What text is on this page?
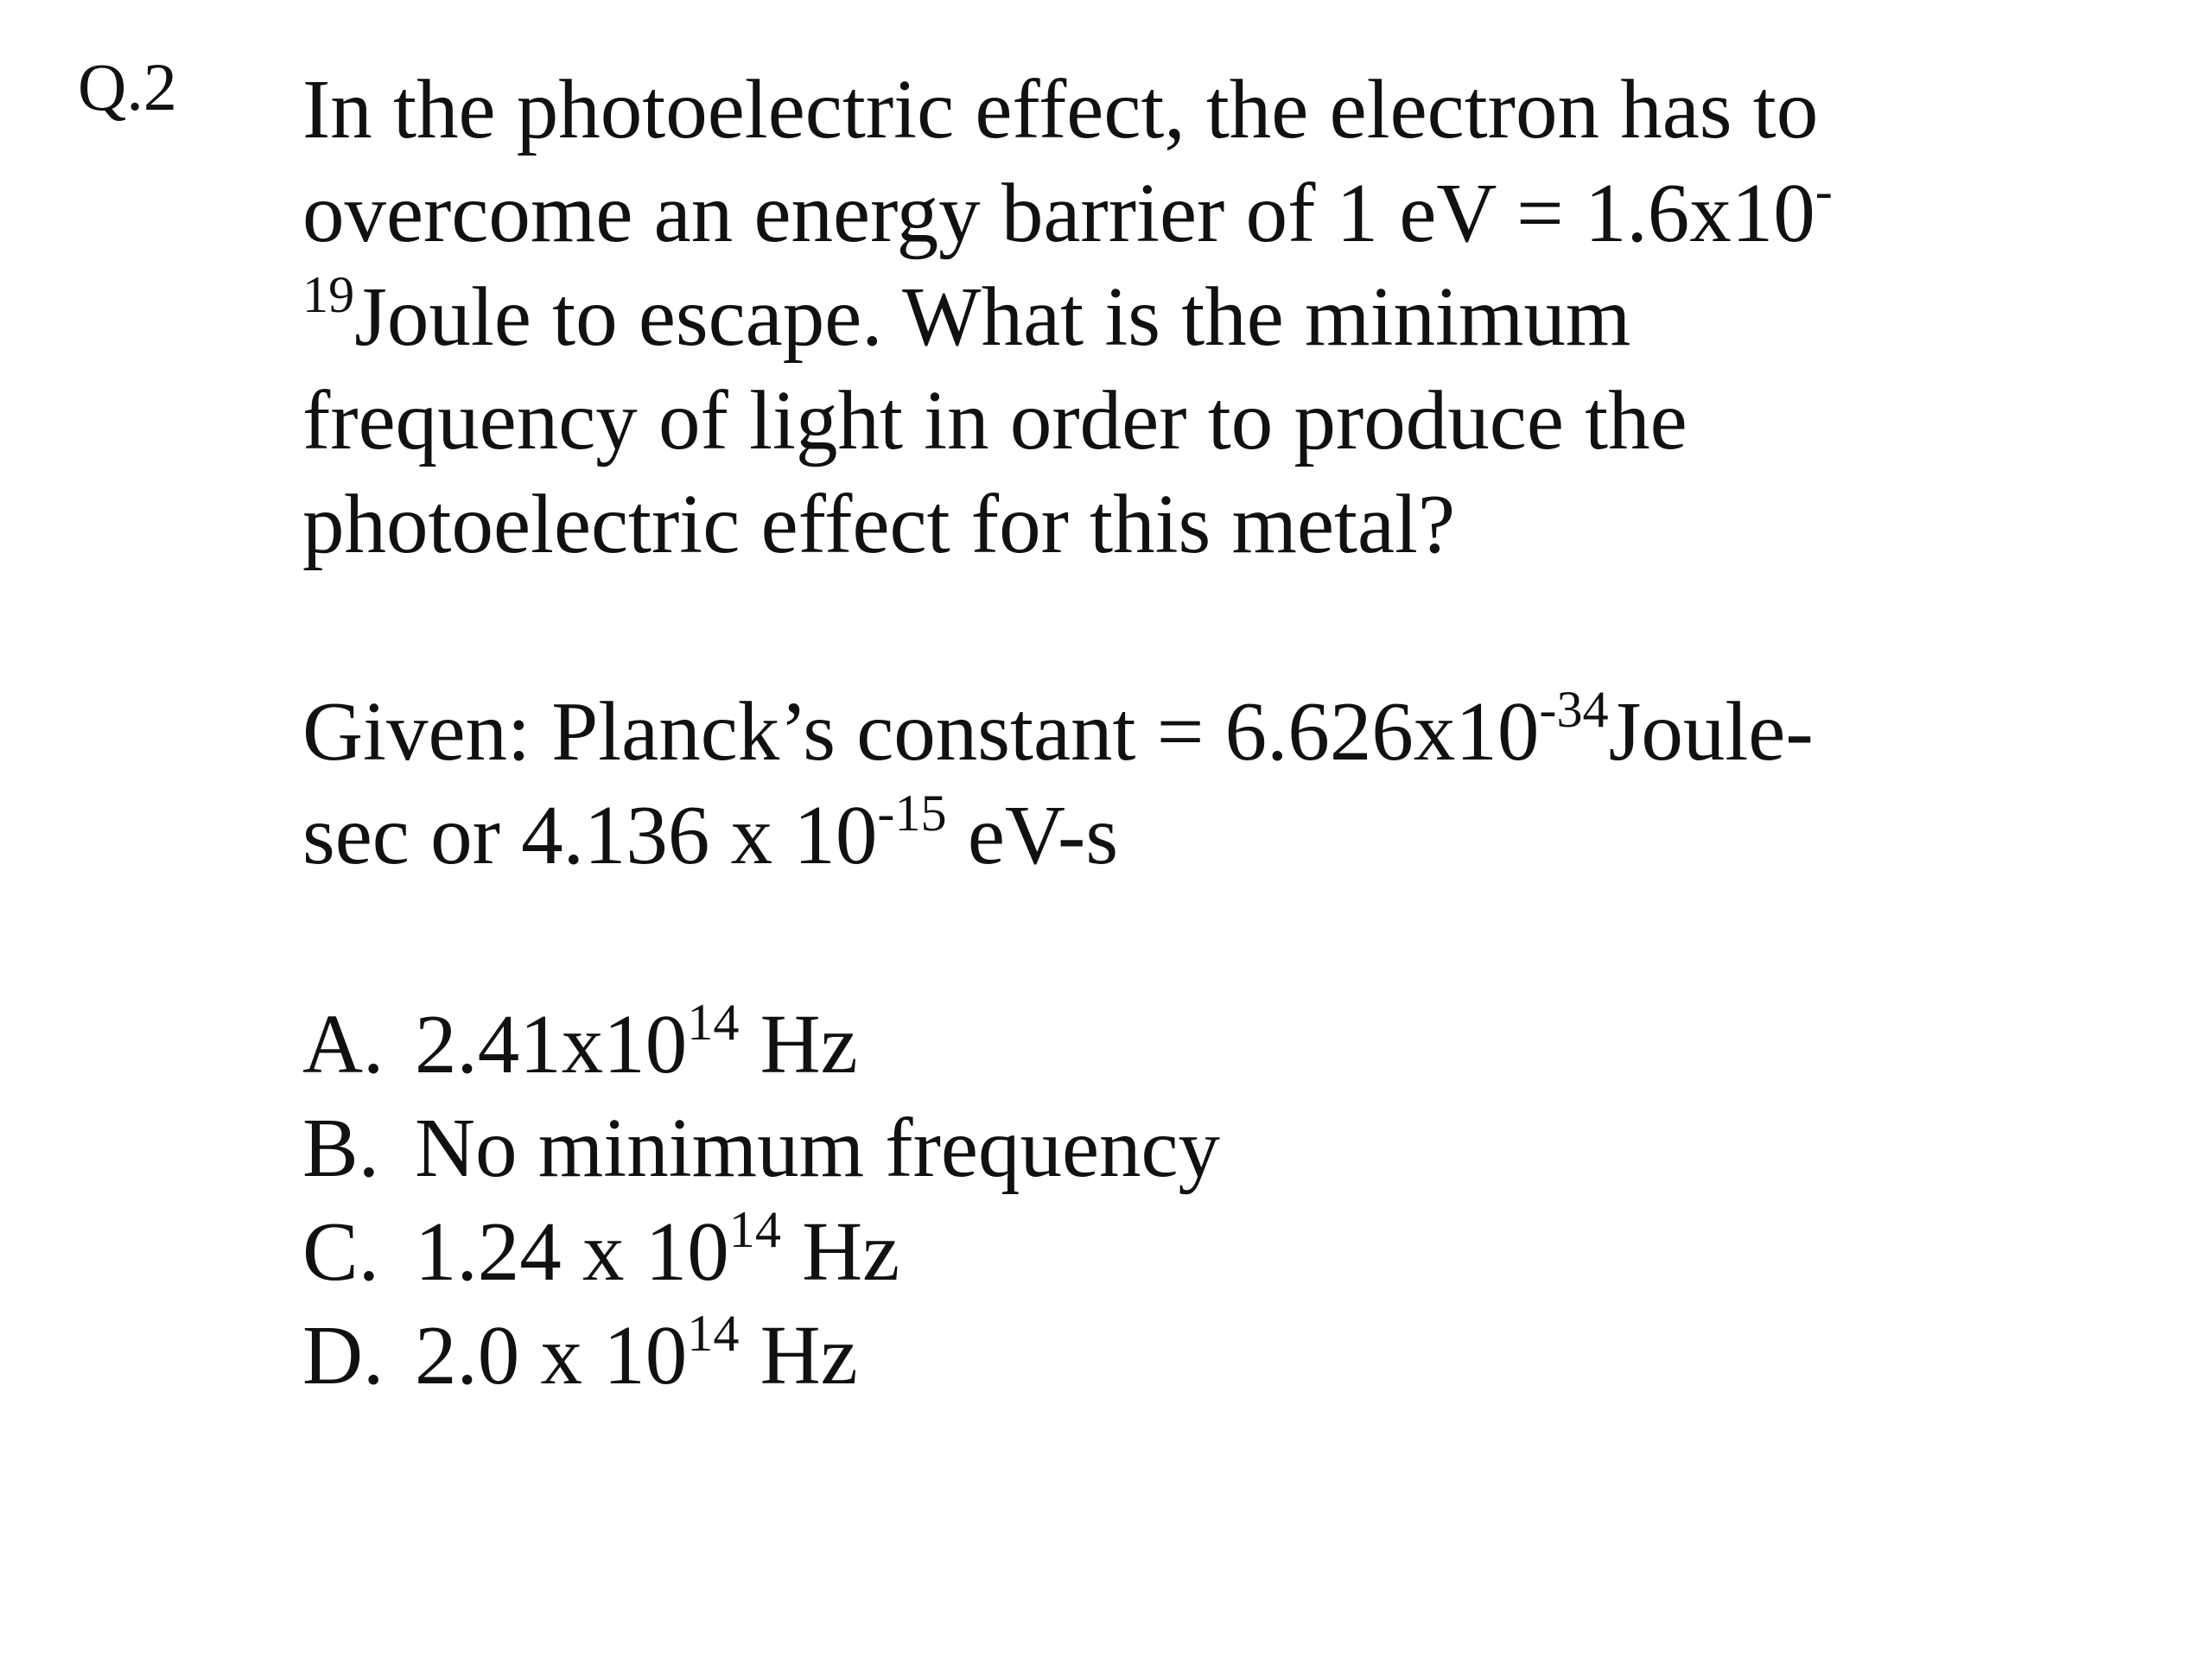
Q.2 In the photoelectric effect, the electron has to
overcome an energy barrier of 1 eV = 1.6x10-
$^{19}$Joule to escape. What is the minimum
frequency of light in order to produce the
photoelectric effect for this metal?
Given: Planck’s constant = $6.626x10^{-34}Joule-$
sec or 4.136 x $10^{-15}$ eV-s
A. $2.41x10^{14}$ Hz
B. No minimum frequency
C. 1.24 x $10^{14}$ Hz
D. 2.0 x $10^{14}$ Hz
